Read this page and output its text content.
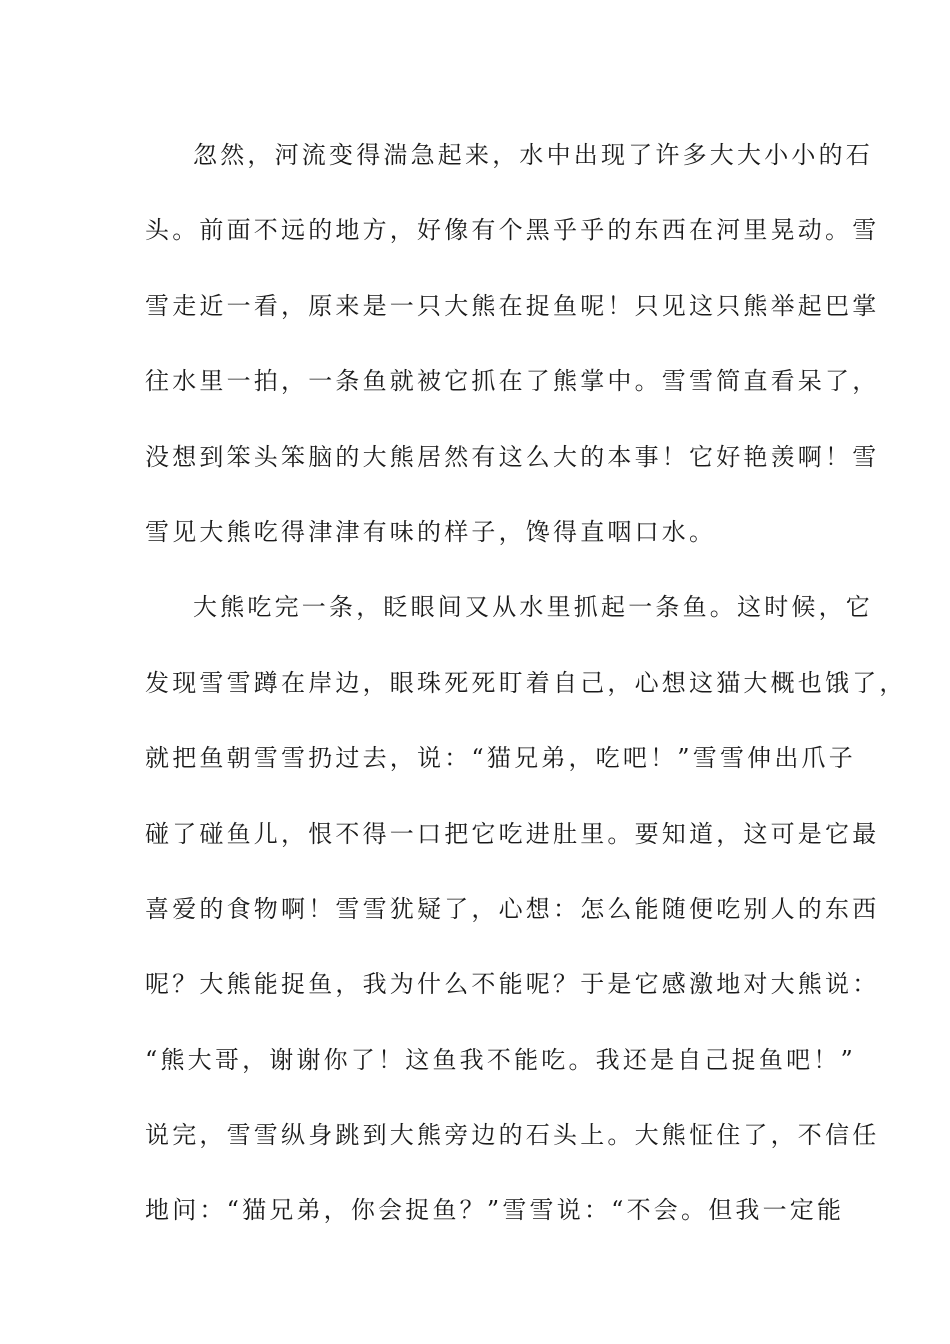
忽然，河流变得湍急起来，水中出现了许多大大小小的石
头。前面不远的地方，好像有个黑乎乎的东西在河里晃动。雪
雪走近一看，原来是一只大熊在捉鱼呢！只见这只熊举起巴掌
往水里一拍，一条鱼就被它抓在了熊掌中。雪雪简直看呆了，
没想到笨头笨脑的大熊居然有这么大的本事！它好艳羡啊！雪
雪见大熊吃得津津有味的样子，馋得直咽口水。
大熊吃完一条，眨眼间又从水里抓起一条鱼。这时候，它
发现雪雪蹲在岸边，眼珠死死盯着自己，心想这猫大概也饿了，
就把鱼朝雪雪扔过去，说：“猫兄弟，吃吧！”雪雪伸出爪子
碰了碰鱼儿，恨不得一口把它吃进肚里。要知道，这可是它最
喜爱的食物啊！雪雪犹疑了，心想：怎么能随便吃别人的东西
呢？大熊能捉鱼，我为什么不能呢？于是它感激地对大熊说：
“熊大哥，谢谢你了！这鱼我不能吃。我还是自己捉鱼吧！”
说完，雪雪纵身跳到大熊旁边的石头上。大熊怔住了，不信任
地问：“猫兄弟，你会捉鱼？”雪雪说：“不会。但我一定能
